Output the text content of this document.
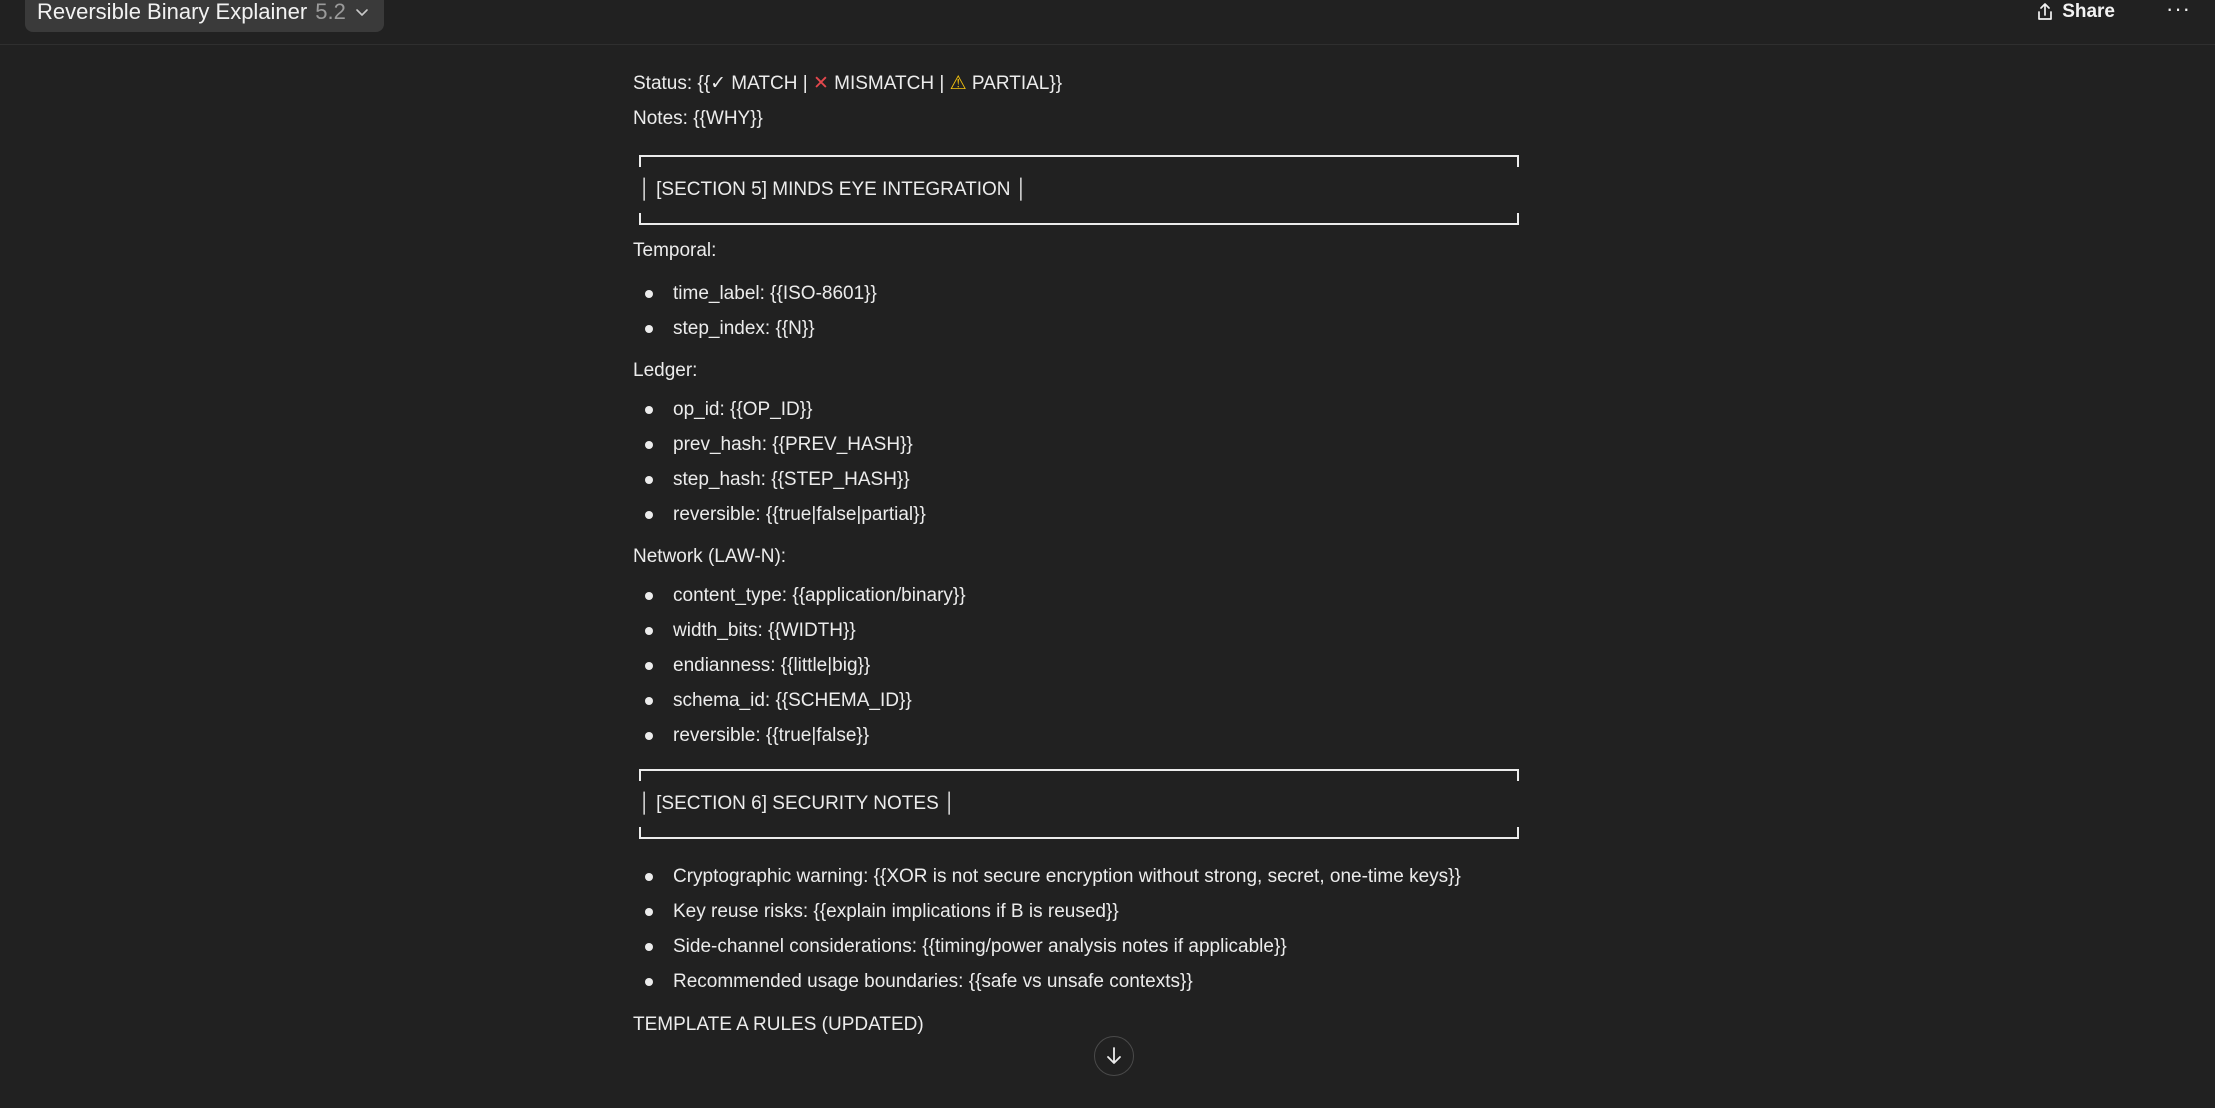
Reversible Binary Explainer 5.2	Share ···

Status: {{✓ MATCH | ✕ MISMATCH | ⚠ PARTIAL}}

Notes: {{WHY}}

│ [SECTION 5] MINDS EYE INTEGRATION │

Temporal:

time_label: {{ISO-8601}}
step_index: {{N}}

Ledger:

op_id: {{OP_ID}}
prev_hash: {{PREV_HASH}}
step_hash: {{STEP_HASH}}
reversible: {{true|false|partial}}

Network (LAW-N):

content_type: {{application/binary}}
width_bits: {{WIDTH}}
endianness: {{little|big}}
schema_id: {{SCHEMA_ID}}
reversible: {{true|false}}
│ [SECTION 6] SECURITY NOTES │
Cryptographic warning: {{XOR is not secure encryption without strong, secret, one-time keys}}
Key reuse risks: {{explain implications if B is reused}}
Side-channel considerations: {{timing/power analysis notes if applicable}}
Recommended usage boundaries: {{safe vs unsafe contexts}}

TEMPLATE A RULES (UPDATED)
